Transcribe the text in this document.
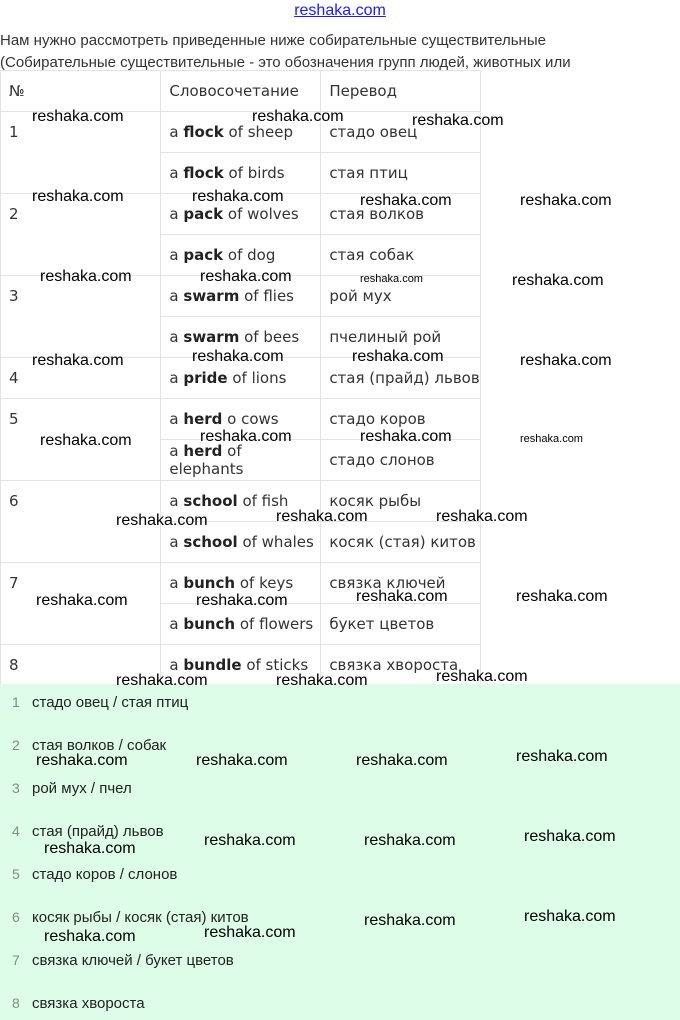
reshaka.com

Нам нужно рассмотреть приведенные ниже собирательные существительные

(Собирательные существительные - это обозначения групп людей, животных или

№	Словосочетание	Перевод
1	a flock of sheep	стадо овец
	a flock of birds	стая птиц
2	a pack of wolves	стая волков
	a pack of dog	стая собак
3	a swarm of flies	рой мух
	a swarm of bees	пчелиный рой
4	a pride of lions	стая (прайд) львов
5	a herd o cows	стадо коров
	a herd of elephants	стадо слонов
6	a school of fish	косяк рыбы
	a school of whales	косяк (стая) китов
7	a bunch of keys	связка ключей
	a bunch of flowers	букет цветов
8	a bundle of sticks	связка хвороста
1 стадо овец / стая птиц
2 стая волков / собак
3 рой мух / пчел
4 стая (прайд) львов
5 стадо коров / слонов
6 косяк рыбы / косяк (стая) китов
7 связка ключей / букет цветов
8 связка хвороста
reshaka.com	reshaka.com	reshaka.com
reshaka.com	reshaka.com	reshaka.com	reshaka.com
reshaka.com	reshaka.com	reshaka.com	reshaka.com
reshaka.com	reshaka.com	reshaka.com	reshaka.com
reshaka.com	reshaka.com	reshaka.com	reshaka.com
reshaka.com	reshaka.com	reshaka.com
reshaka.com	reshaka.com	reshaka.com	reshaka.com
reshaka.com	reshaka.com	reshaka.com
reshaka.com	reshaka.com	reshaka.com	reshaka.com
reshaka.com	reshaka.com	reshaka.com	reshaka.com
reshaka.com	reshaka.com
reshaka.com	reshaka.com
